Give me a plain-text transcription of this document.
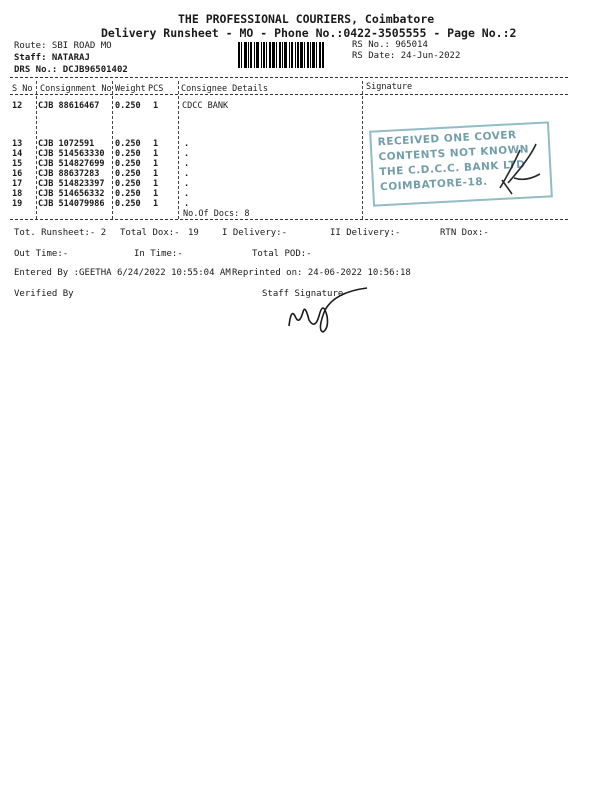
THE PROFESSIONAL COURIERS, Coimbatore
Delivery Runsheet - MO - Phone No.:0422-3505555 - Page No.:2
Route: SBI ROAD MO
Staff: NATARAJ
DRS No.: DCJB96501402
RS No.: 965014
RS Date: 24-Jun-2022
S No Consignment No Weight PCS Consignee Details	Signature
12 CJB 88616467 0.250 1	CDCC BANK
13 CJB 1072591 0.250 1	.
14 CJB 514563330 0.250 1	.
15 CJB 514827699 0.250 1	.
16 CJB 88637283 0.250 1	.
17 CJB 514823397 0.250 1	.
18 CJB 514656332 0.250 1	.
19 CJB 514079986 0.250 1	.
No.Of Docs: 8
RECEIVED ONE COVER
CONTENTS NOT KNOWN
THE C.D.C.C. BANK LTD
COIMBATORE-18.
Tot. Runsheet:- 2 Total Dox:- 19	I Delivery:-	II Delivery:-	RTN Dox:-
Out Time:-	In Time:-	Total POD:-
Entered By :GEETHA 6/24/2022 10:55:04 AM Reprinted on: 24-06-2022 10:56:18
Verified By	Staff Signature
